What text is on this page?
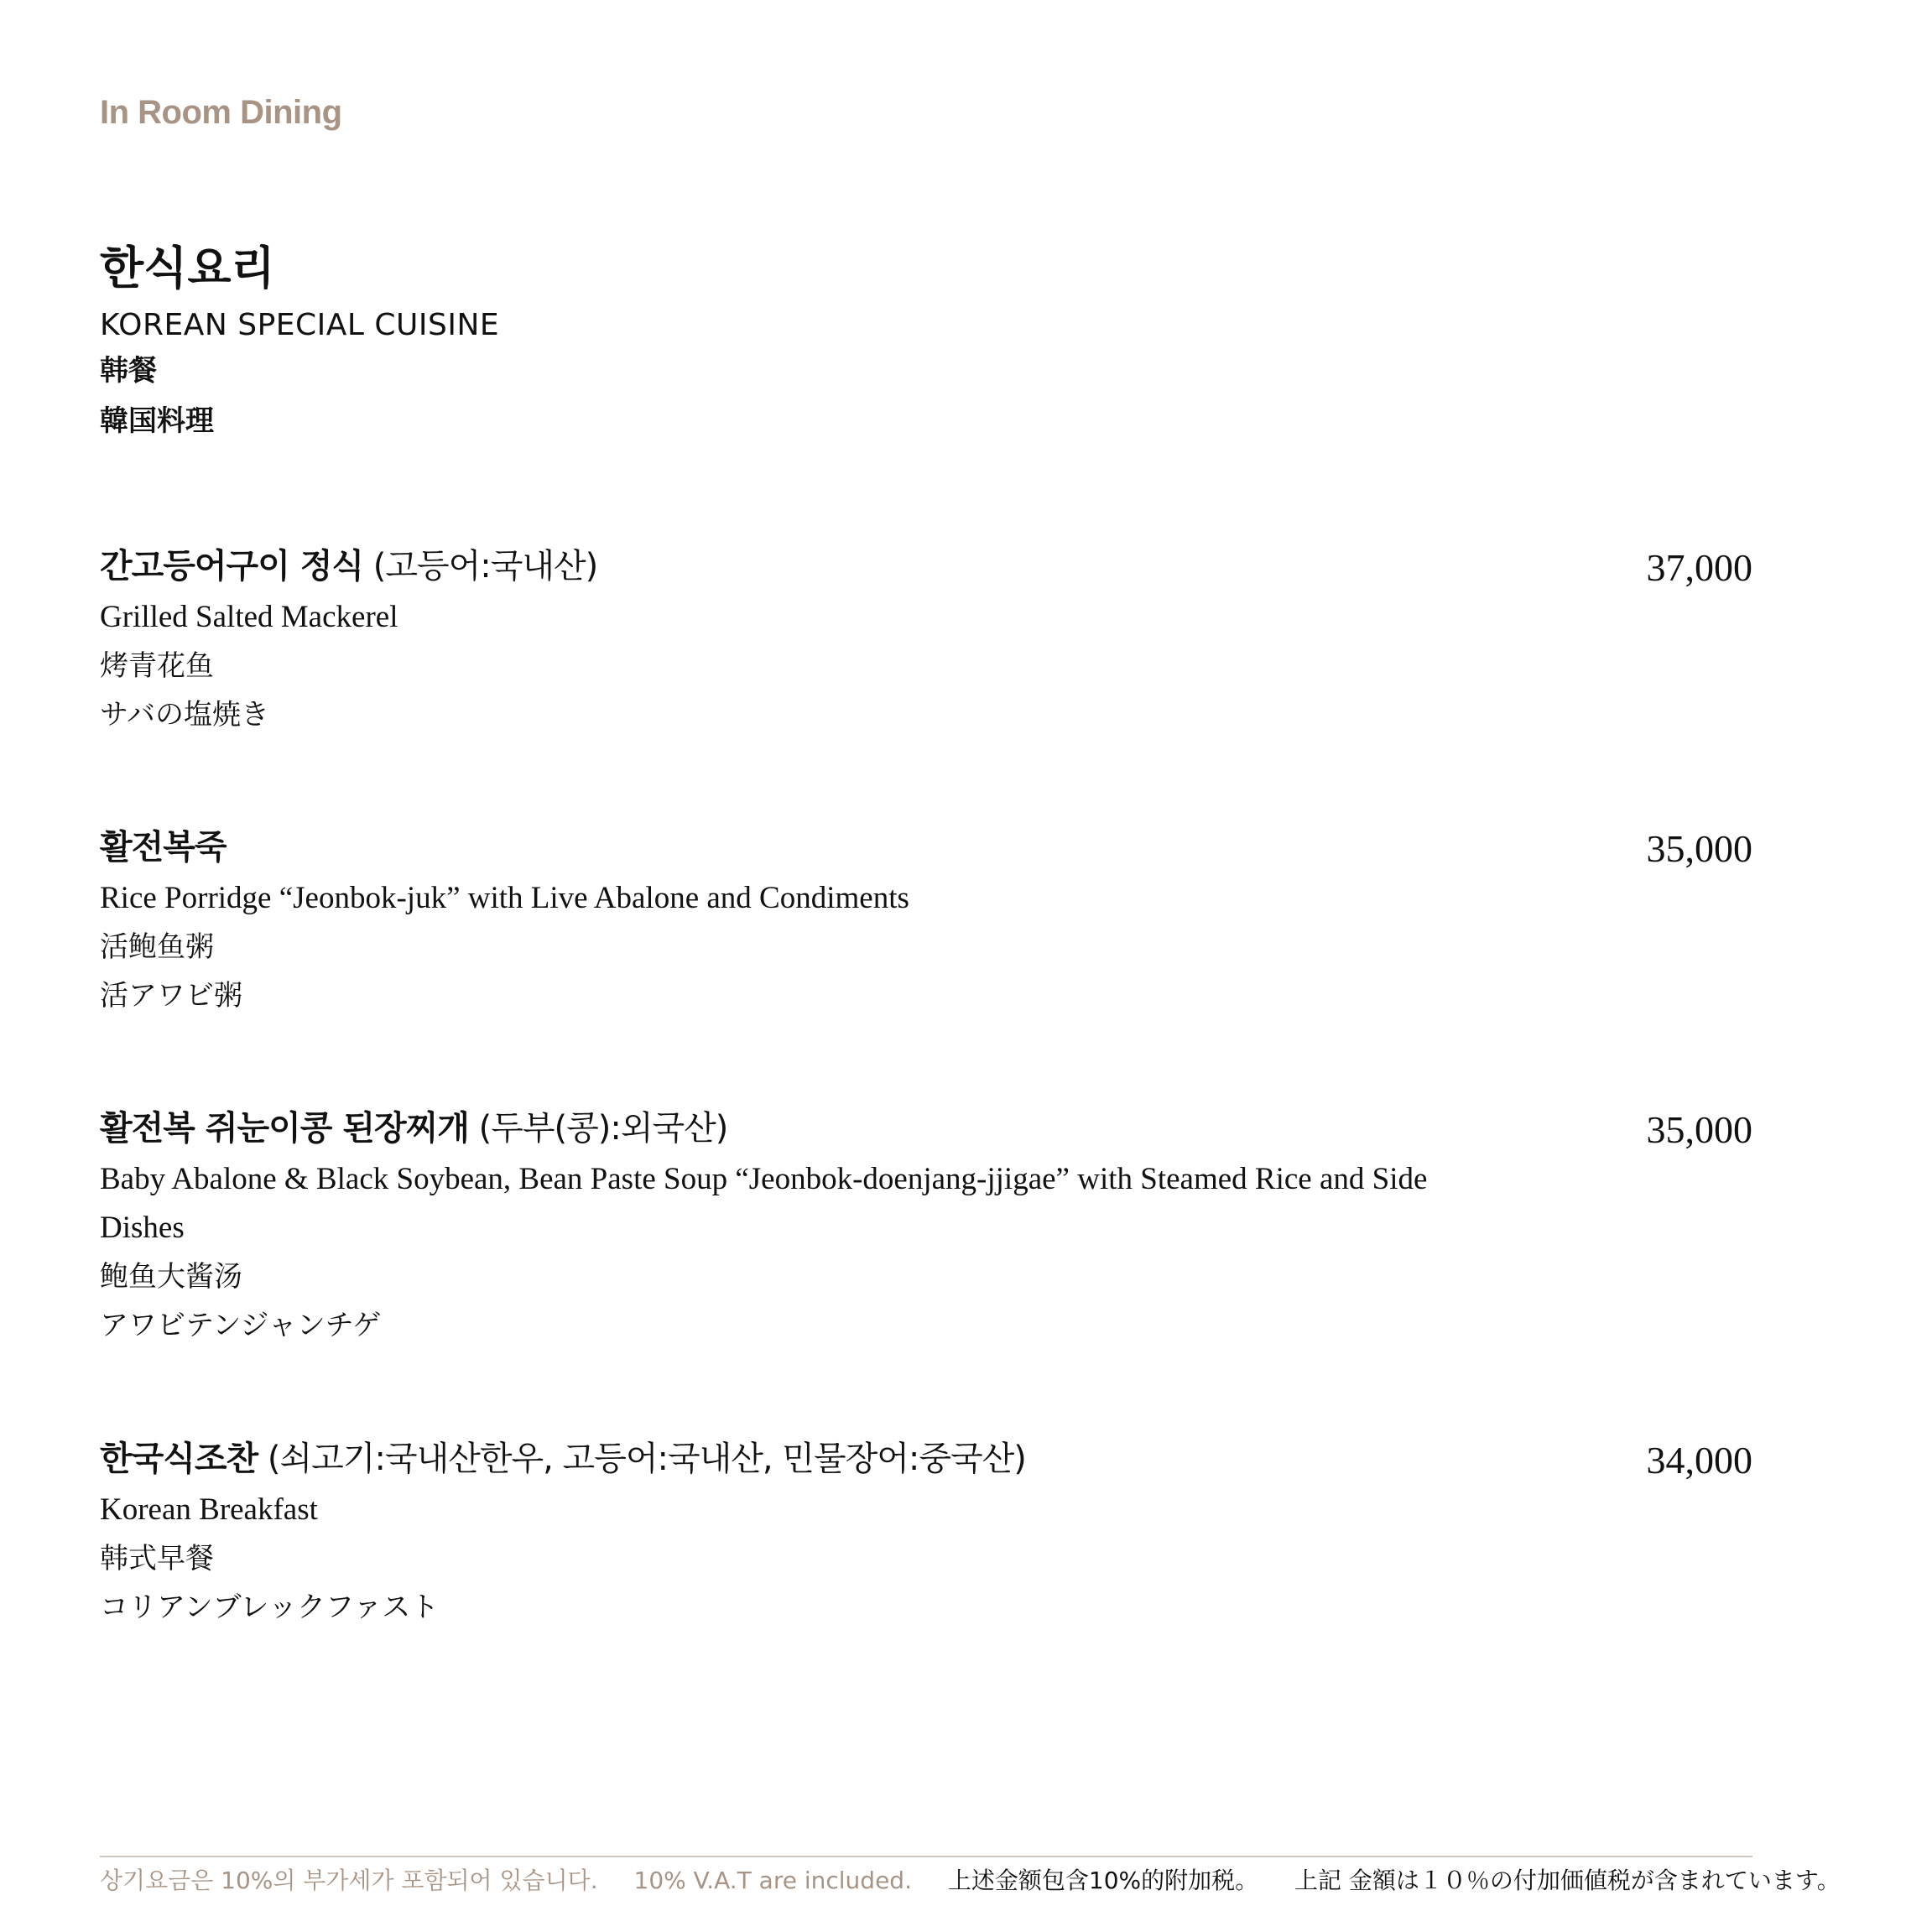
In Room Dining
한식요리
KOREAN SPECIAL CUISINE
韩餐
韓国料理
간고등어구이 정식 (고등어:국내산)
Grilled Salted Mackerel
烤青花鱼
サバの塩焼き
37,000
활전복죽
Rice Porridge “Jeonbok-juk” with Live Abalone and Condiments
活鲍鱼粥
活アワビ粥
35,000
활전복 쥐눈이콩 된장찌개 (두부(콩):외국산)
Baby Abalone & Black Soybean, Bean Paste Soup “Jeonbok-doenjang-jjigae” with Steamed Rice and Side Dishes
鲍鱼大酱汤
アワビテンジャンチゲ
35,000
한국식조찬 (쇠고기:국내산한우, 고등어:국내산, 민물장어:중국산)
Korean Breakfast
韩式早餐
コリアンブレックファスト
34,000
상기요금은 10%의 부가세가 포함되어 있습니다. 10% V.A.T are included. 上述金额包含10%的附加税。 上記 金額は１０％の付加価値税が含まれています。
